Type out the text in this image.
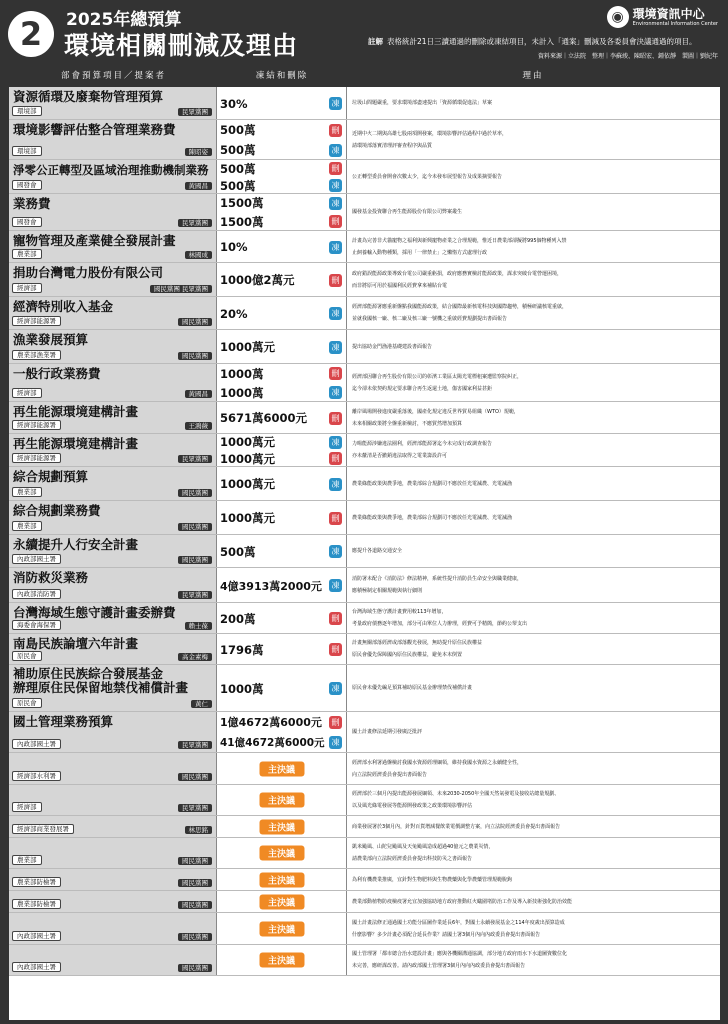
2	2025年總預算
環境相關刪減及理由
◉ 環境資訊中心
Environmental Information Center
註解 表格統計21日三讀通過的刪除或凍結項目，未計入「通案」刪減及各委員會決議通過的項目。
資料來源｜立法院　整理｜李蘇竣、陳昭宏、鍾依靜　製圖｜劉紀年
部會預算項目／提案者	凍結和刪除	理由
資源循環及廢棄物管理預算
環境部	民眾黨團
30%	凍	垃圾山問題嚴重，要求環境部盡速提出「資源循環促進法」草案
環境影響評估整合管理業務費
環境部	陳昭姿
500萬	刪
500萬	凍
近期中火二期與高雄七股兩項開發案，環境影響評估過程中過於草率，
請環境部落實清理評審查程序與品質
淨零公正轉型及區域治理推動機制業務
國發會	黃國昌
500萬	刪
500萬	凍
公正轉型委員會開會次數太少，迄今未發布展望報告及成果摘要報告
業務費
國發會	民眾黨團
1500萬	凍
1500萬	刪
國發基金投資聯合再生能源股份有限公司弊案叢生
寵物管理及產業健全發展計畫
農業部	林國成
10%	凍
計畫為完善非犬貓寵物之福利與新興寵物產業之合理規範，惟近日農業部卻擬將995個物種列入禁
止飼養輸入動物種類，採用「一律禁止」之懶惰方式處理行政
捐助台灣電力股份有限公司
經濟部	國民黨團 民眾黨團
1000億2萬元	刪
政府錯誤能源政策導致台電公司嚴重虧損，政府應務實檢討能源政策，謀求突破台電營運困境，
而非將原可用於福國利民經費拿來補貼台電
經濟特別收入基金
經濟部能源署	國民黨團
20%	凍
經濟部能源署應重新盤點我國能源政策，結合國際最新核電科技與國際趨勢，積極研議核電重啟，
並就我國核一廠、核二廠及核三廠一號機之重啟經費規劃提出書面報告
漁業發展預算
農業部漁業署	國民黨團
1000萬元	凍	提出協助金門漁港基礎建設書面報告
一般行政業務費
經濟部	黃國昌
1000萬	刪
1000萬	凍
經濟部因聯合再生股份有限公司的彰濱工業區太陽光電標租案遭監察院糾正，
迄今卻未依契約規定要求聯合再生返還土地，傷害國家利益甚鉅
再生能源環境建構計畫
經濟部能源署	王鴻薇
5671萬6000元	刪
離岸風場開發進度嚴重落後，國產化規定違反世界貿易組織（WTO）規範，
未來相關政策將全盤重新檢討，不應貿然增加預算
再生能源環境建構計畫
經濟部能源署	民眾黨團
1000萬元	凍
1000萬元	刪
力暘能源涉嫌違法圈利，經濟部能源署迄今未完成行政調查報告
亦未釐清是否撤銷違法取得之電業籌設許可
綜合規劃預算
農業部	國民黨團
1000萬元	凍	農業綠能政策與農爭地，農業部綜合規劃司不應放任光電滅農、光電滅漁
綜合規劃業務費
農業部	國民黨團
1000萬元	刪	農業綠能政策與農爭地，農業部綜合規劃司不應放任光電滅農、光電滅漁
永續提升人行安全計畫
內政部國土署	國民黨團
500萬	凍	應提升各道路交通安全
消防救災業務
內政部消防署	民眾黨團
4億3913萬2000元	凍
消防署未配合《消防法》修法精神，系統性提升消防員生命安全與職業健康，
應積極制定相關規範與執行細則
台灣海域生態守護計畫委辦費
海委會海保署	賴士葆
200萬	刪
台灣海域生態守護計畫費用較113年增加，
考量政府債務逐年增加，部分可由單位人力辦理，經費可予精簡，節約公帑支出
南島民族論壇六年計畫
原民會	高金素梅
1796萬	刪
計畫無關部落經濟或部落觀光發展，無助提升原住民族權益
原民會優先保障國內原住民族權益，避免本末倒置
補助原住民族綜合發展基金
辦理原住民保留地禁伐補償計畫
原民會	黃仁
1000萬	凍	原民會未優先編足預算補助原民基金辦理禁伐補償計畫
國土管理業務預算
內政部國土署	民眾黨團
1億4672萬6000元	刪
41億4672萬6000元 凍
國土計畫修法延期引發廣泛批評
經濟部水利署	國民黨團
主決議
經濟部水利署過盤檢討我國水資源經理綱領，維持我國水資源之永續健全性，
向立法院經濟委員會提出書面報告
經濟部	民眾黨團
主決議
經濟部於三個月內提出能源發展綱領、未來2030-2050年全國天然氣發電及接收站總量規劃、
以及風光綠電發展等能源開發政策之政策環境影響評估
經濟部商業發展署	林思銘	主決議	商業發展署於3個月內，針對百貨增減餐飲業電價調整方案，向立法院經濟委員會提出書面報告
農業部	國民黨團
主決議
凱米颱風、山陀兒颱風及天兔颱風造成超過40億元之農業災情，
請農業部向立法院經濟委員會提出科技防災之書面報告
農業部防檢署	國民黨團	主決議	為利有機農業推廣，宜針對生物肥料與生物農藥與化學農藥管理規範脫鉤
農業部防檢署	國民黨團	主決議	農業部動植物防疫檢疫署允宜加強協助地方政府推動紅火蟻圍堵防治工作及導入新技術強化防治效能
內政部國土署	國民黨團
主決議
國土計畫法修正通過國土功能分區圖作業延長6年，對國土永續發展基金之114年度歲出預算造成
什麼影響？多少計畫必須配合延長作業？請國土署3個月內向內政委員會提出書面報告
內政部國土署	國民黨團
主決議
國土管理署「都市總合治水建設計畫」應與各機關溝通協調，部分地方政府雨水下水道圖資數位化
未完善，應研謀改善。請內政部國土管理署3個月內向內政委員會提出書面報告
